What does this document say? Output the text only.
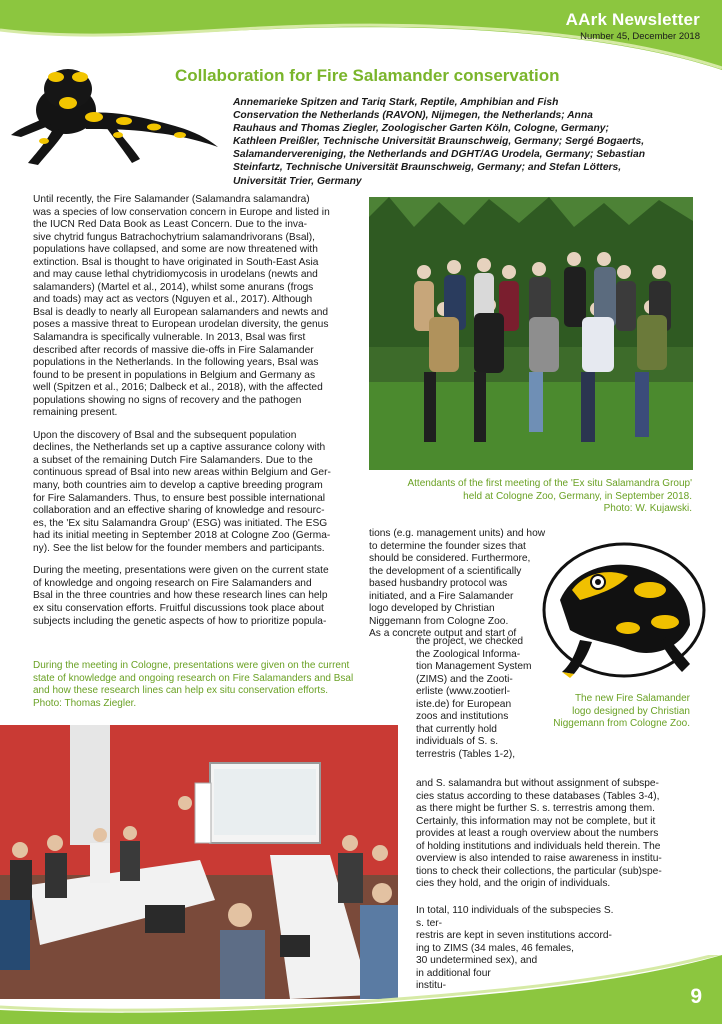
AArk Newsletter
Number 45, December 2018
Collaboration for Fire Salamander conservation
Annemarieke Spitzen and Tariq Stark, Reptile, Amphibian and Fish
Conservation the Netherlands (RAVON), Nijmegen, the Netherlands; Anna
Rauhaus and Thomas Ziegler, Zoologischer Garten Köln, Cologne, Germany;
Kathleen Preißler, Technische Universität Braunschweig, Germany; Sergé Bogaerts,
Salamandervereniging, the Netherlands and DGHT/AG Urodela, Germany; Sebastian
Steinfartz, Technische Universität Braunschweig, Germany; and Stefan Lötters,
Universität Trier, Germany

Until recently, the Fire Salamander (Salamandra salamandra)
was a species of low conservation concern in Europe and listed in
the IUCN Red Data Book as Least Concern. Due to the inva-
sive chytrid fungus Batrachochytrium salamandrivorans (Bsal),
populations have collapsed, and some are now threatened with
extinction. Bsal is thought to have originated in South-East Asia
and may cause lethal chytridiomycosis in urodelans (newts and
salamanders) (Martel et al., 2014), whilst some anurans (frogs
and toads) may act as vectors (Nguyen et al., 2017). Although
Bsal is deadly to nearly all European salamanders and newts and
poses a massive threat to European urodelan diversity, the genus
Salamandra is specifically vulnerable. In 2013, Bsal was first
described after records of massive die-offs in Fire Salamander
populations in the Netherlands. In the following years, Bsal was
found to be present in populations in Belgium and Germany as
well (Spitzen et al., 2016; Dalbeck et al., 2018), with the affected
populations showing no signs of recovery and the pathogen
remaining present.

Upon the discovery of Bsal and the subsequent population
declines, the Netherlands set up a captive assurance colony with
a subset of the remaining Dutch Fire Salamanders. Due to the
continuous spread of Bsal into new areas within Belgium and Ger-
many, both countries aim to develop a captive breeding program
for Fire Salamanders. Thus, to ensure best possible international
collaboration and an effective sharing of knowledge and resourc-
es, the 'Ex situ Salamandra Group' (ESG) was initiated. The ESG
had its initial meeting in September 2018 at Cologne Zoo (Germa-
ny). See the list below for the founder members and participants.

During the meeting, presentations were given on the current state
of knowledge and ongoing research on Fire Salamanders and
Bsal in the three countries and how these research lines can help
ex situ conservation efforts. Fruitful discussions took place about
subjects including the genetic aspects of how to prioritize popula-

Attendants of the first meeting of the 'Ex situ Salamandra Group'
held at Cologne Zoo, Germany, in September 2018.
Photo: W. Kujawski.
tions (e.g. management units) and how
to determine the founder sizes that
should be considered. Furthermore,
the development of a scientifically
based husbandry protocol was
initiated, and a Fire Salamander
logo developed by Christian
Niggemann from Cologne Zoo.
As a concrete output and start of
the project, we checked
the Zoological Informa-
tion Management System
(ZIMS) and the Zooti-
erliste (www.zootierl-
iste.de) for European
zoos and institutions
that currently hold
individuals of S. s.
terrestris (Tables 1-2),
and S. salamandra but without assignment of subspe-
cies status according to these databases (Tables 3-4),
as there might be further S. s. terrestris among them.
Certainly, this information may not be complete, but it
provides at least a rough overview about the numbers
of holding institutions and individuals held therein. The
overview is also intended to raise awareness in institu-
tions to check their collections, the particular (sub)spe-
cies they hold, and the origin of individuals.
In total, 110 individuals of the subspecies S. s. ter-
restris are kept in seven institutions accord-
ing to ZIMS (34 males, 46 females,
30 undetermined sex), and
in additional four
institu-
The new Fire Salamander
logo designed by Christian
Niggemann from Cologne Zoo.
During the meeting in Cologne, presentations were given on the current
state of knowledge and ongoing research on Fire Salamanders and Bsal
and how these research lines can help ex situ conservation efforts.
Photo: Thomas Ziegler.
9
